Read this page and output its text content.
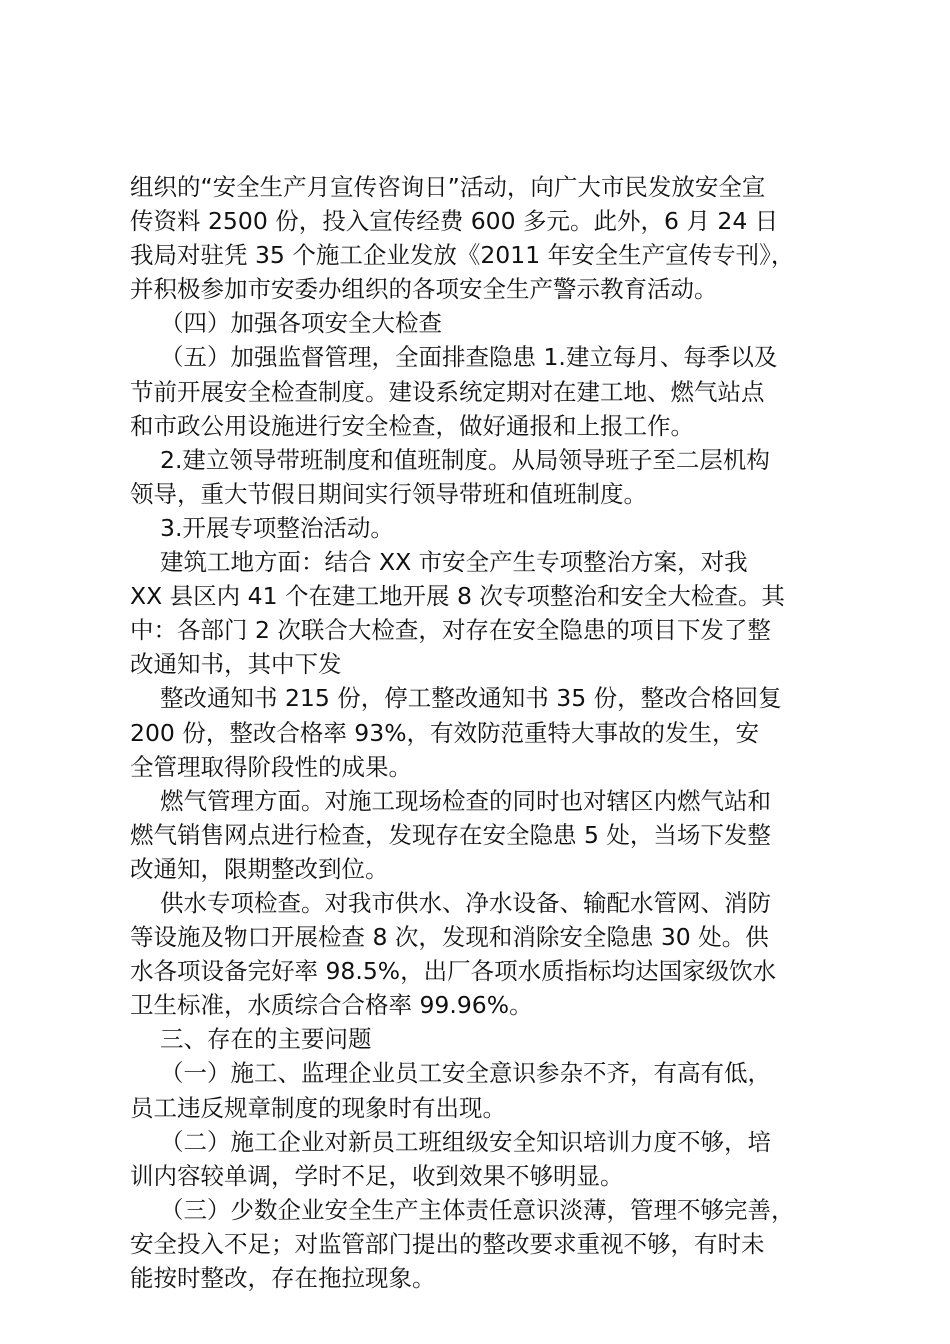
组织的“安全生产月宣传咨询日”活动，向广大市民发放安全宣
传资料 2500 份，投入宣传经费 600 多元。此外，6 月 24 日
我局对驻凭 35 个施工企业发放《2011 年安全生产宣传专刊》，
并积极参加市安委办组织的各项安全生产警示教育活动。

（四）加强各项安全大检查

（五）加强监督管理，全面排查隐患 1.建立每月、每季以及
节前开展安全检查制度。建设系统定期对在建工地、燃气站点
和市政公用设施进行安全检查，做好通报和上报工作。

2.建立领导带班制度和值班制度。从局领导班子至二层机构
领导，重大节假日期间实行领导带班和值班制度。

3.开展专项整治活动。

建筑工地方面：结合 XX 市安全产生专项整治方案，对我
XX 县区内 41 个在建工地开展 8 次专项整治和安全大检查。其
中：各部门 2 次联合大检查，对存在安全隐患的项目下发了整
改通知书，其中下发

整改通知书 215 份，停工整改通知书 35 份，整改合格回复
200 份，整改合格率 93%，有效防范重特大事故的发生，安
全管理取得阶段性的成果。

燃气管理方面。对施工现场检查的同时也对辖区内燃气站和
燃气销售网点进行检查，发现存在安全隐患 5 处，当场下发整
改通知，限期整改到位。

供水专项检查。对我市供水、净水设备、输配水管网、消防
等设施及物口开展检查 8 次，发现和消除安全隐患 30 处。供
水各项设备完好率 98.5%，出厂各项水质指标均达国家级饮水
卫生标准，水质综合合格率 99.96%。

三、存在的主要问题

（一）施工、监理企业员工安全意识参杂不齐，有高有低，
员工违反规章制度的现象时有出现。

（二）施工企业对新员工班组级安全知识培训力度不够，培
训内容较单调，学时不足，收到效果不够明显。

（三）少数企业安全生产主体责任意识淡薄，管理不够完善，
安全投入不足；对监管部门提出的整改要求重视不够，有时未
能按时整改，存在拖拉现象。
